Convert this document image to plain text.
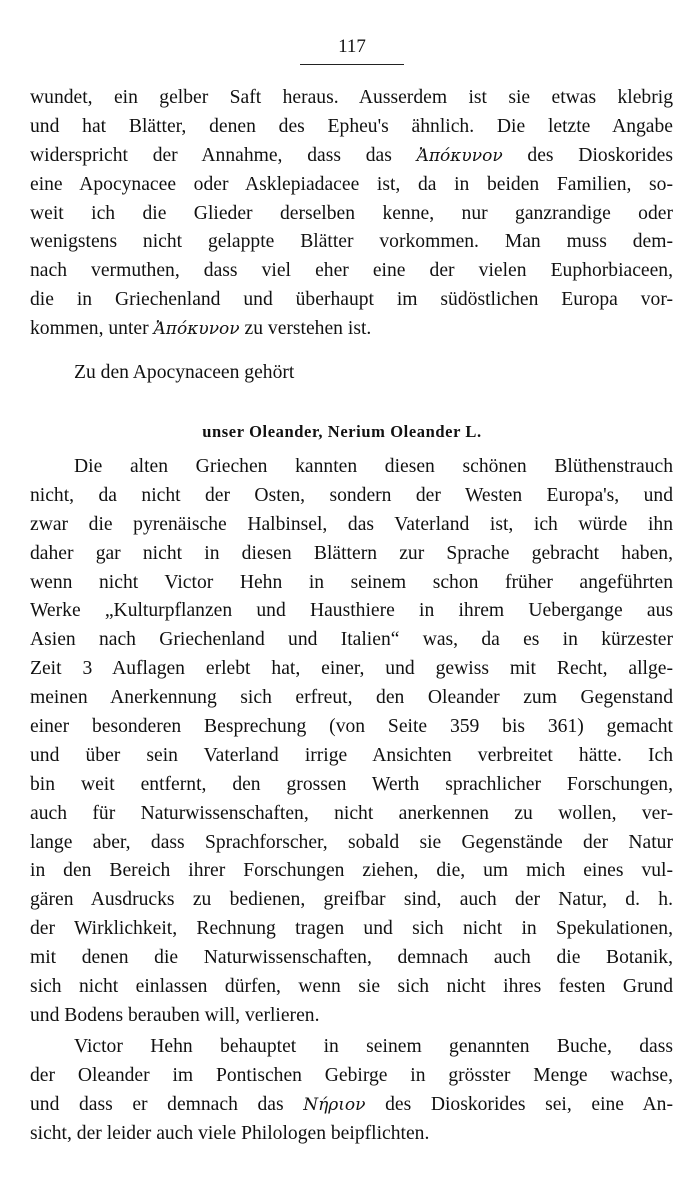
117
wundet, ein gelber Saft heraus. Ausserdem ist sie etwas klebrig
und hat Blätter, denen des Epheu's ähnlich. Die letzte Angabe
widerspricht der Annahme, dass das Ἀπόκυνον des Dioskorides
eine Apocynacee oder Asklepiadacee ist, da in beiden Familien, so-
weit ich die Glieder derselben kenne, nur ganzrandige oder
wenigstens nicht gelappte Blätter vorkommen. Man muss dem-
nach vermuthen, dass viel eher eine der vielen Euphorbiaceen,
die in Griechenland und überhaupt im südöstlichen Europa vor-
kommen, unter Ἀπόκυνον zu verstehen ist.
Zu den Apocynaceen gehört
unser Oleander, Nerium Oleander L.
Die alten Griechen kannten diesen schönen Blüthenstrauch
nicht, da nicht der Osten, sondern der Westen Europa's, und
zwar die pyrenäische Halbinsel, das Vaterland ist, ich würde ihn
daher gar nicht in diesen Blättern zur Sprache gebracht haben,
wenn nicht Victor Hehn in seinem schon früher angeführten
Werke „Kulturpflanzen und Hausthiere in ihrem Uebergange aus
Asien nach Griechenland und Italien“ was, da es in kürzester
Zeit 3 Auflagen erlebt hat, einer, und gewiss mit Recht, allge-
meinen Anerkennung sich erfreut, den Oleander zum Gegenstand
einer besonderen Besprechung (von Seite 359 bis 361) gemacht
und über sein Vaterland irrige Ansichten verbreitet hätte. Ich
bin weit entfernt, den grossen Werth sprachlicher Forschungen,
auch für Naturwissenschaften, nicht anerkennen zu wollen, ver-
lange aber, dass Sprachforscher, sobald sie Gegenstände der Natur
in den Bereich ihrer Forschungen ziehen, die, um mich eines vul-
gären Ausdrucks zu bedienen, greifbar sind, auch der Natur, d. h.
der Wirklichkeit, Rechnung tragen und sich nicht in Spekulationen,
mit denen die Naturwissenschaften, demnach auch die Botanik,
sich nicht einlassen dürfen, wenn sie sich nicht ihres festen Grund
und Bodens berauben will, verlieren.
Victor Hehn behauptet in seinem genannten Buche, dass
der Oleander im Pontischen Gebirge in grösster Menge wachse,
und dass er demnach das Νήριον des Dioskorides sei, eine An-
sicht, der leider auch viele Philologen beipflichten.
